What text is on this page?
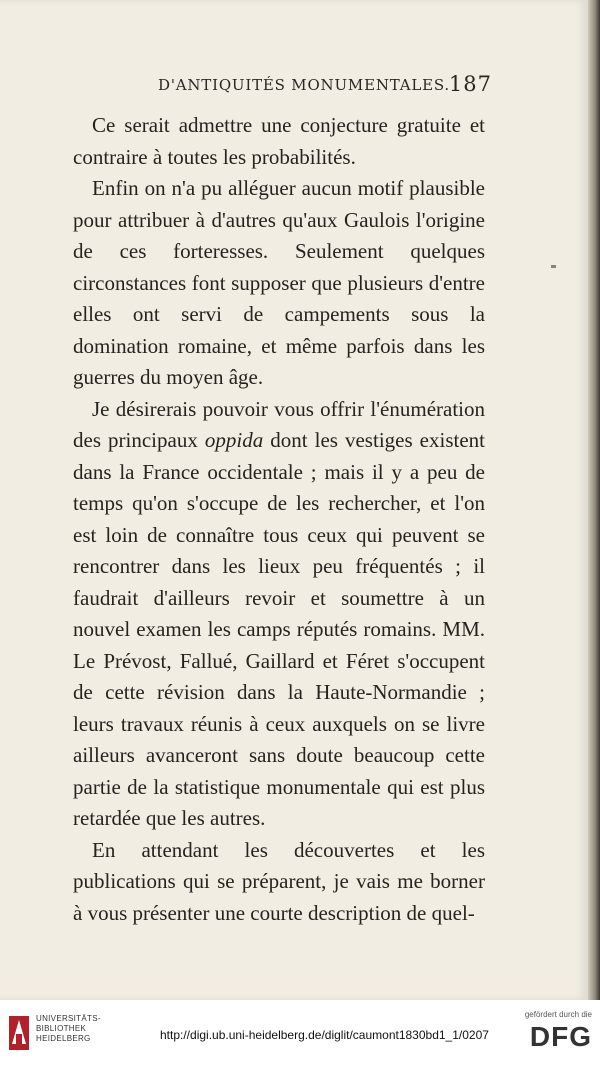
D'ANTIQUITÉS MONUMENTALES.
187

Ce serait admettre une conjecture gratuite et contraire à toutes les probabilités.

Enfin on n'a pu alléguer aucun motif plausible pour attribuer à d'autres qu'aux Gaulois l'origine de ces forteresses. Seulement quelques circonstances font supposer que plusieurs d'entre elles ont servi de campements sous la domination romaine, et même parfois dans les guerres du moyen âge.

Je désirerais pouvoir vous offrir l'énumération des principaux oppida dont les vestiges existent dans la France occidentale ; mais il y a peu de temps qu'on s'occupe de les rechercher, et l'on est loin de connaître tous ceux qui peuvent se rencontrer dans les lieux peu fréquentés ; il faudrait d'ailleurs revoir et soumettre à un nouvel examen les camps réputés romains. MM. Le Prévost, Fallué, Gaillard et Féret s'occupent de cette révision dans la Haute-Normandie ; leurs travaux réunis à ceux auxquels on se livre ailleurs avanceront sans doute beaucoup cette partie de la statistique monumentale qui est plus retardée que les autres.

En attendant les découvertes et les publications qui se préparent, je vais me borner à vous présenter une courte description de quel-

UNIVERSITÄTS-
BIBLIOTHEK
HEIDELBERG	http://digi.ub.uni-heidelberg.de/diglit/caumont1830bd1_1/0207
gefördert durch die
DFG
